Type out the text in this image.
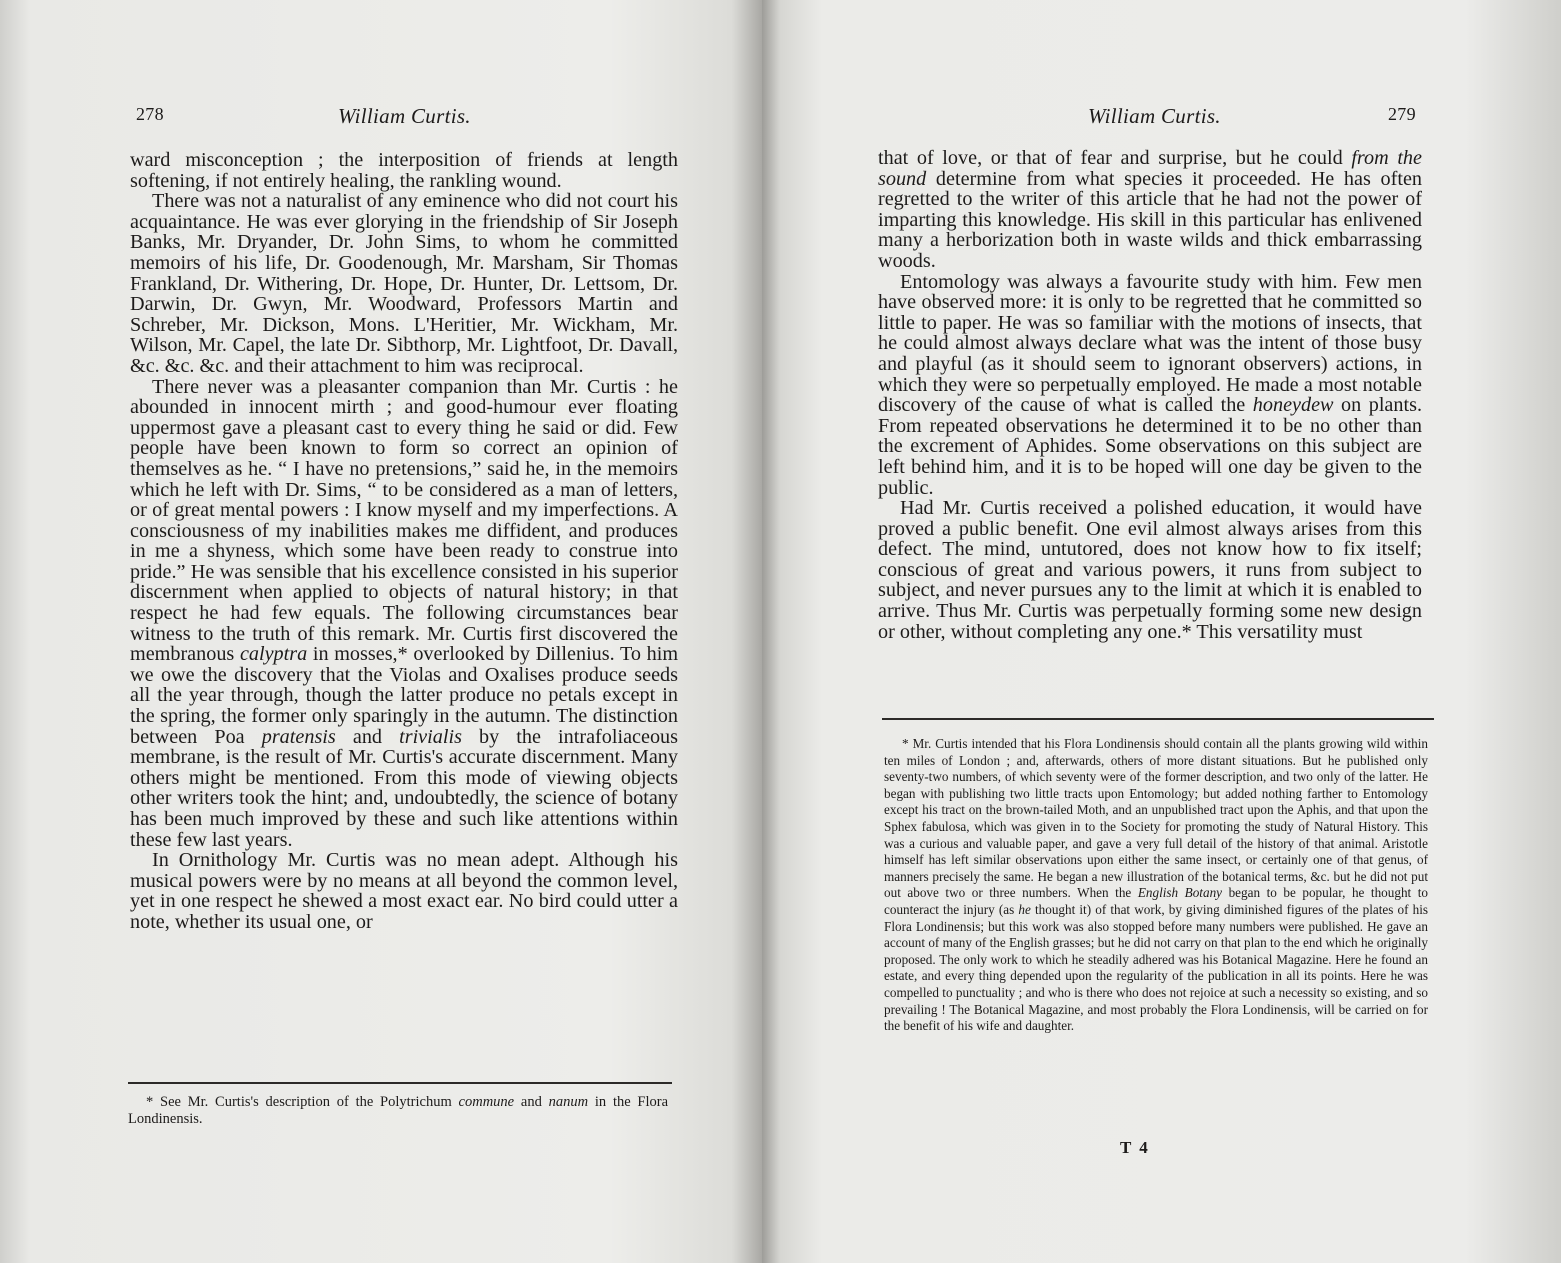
278	William Curtis.

ward misconception ; the interposition of friends at length softening, if not entirely healing, the rankling wound.

There was not a naturalist of any eminence who did not court his acquaintance. He was ever glorying in the friendship of Sir Joseph Banks, Mr. Dryander, Dr. John Sims, to whom he committed memoirs of his life, Dr. Goodenough, Mr. Marsham, Sir Thomas Frankland, Dr. Withering, Dr. Hope, Dr. Hunter, Dr. Lettsom, Dr. Darwin, Dr. Gwyn, Mr. Woodward, Professors Martin and Schreber, Mr. Dickson, Mons. L'Heritier, Mr. Wickham, Mr. Wilson, Mr. Capel, the late Dr. Sibthorp, Mr. Lightfoot, Dr. Davall, &c. &c. &c. and their attachment to him was reciprocal.

There never was a pleasanter companion than Mr. Curtis : he abounded in innocent mirth ; and good-humour ever floating uppermost gave a pleasant cast to every thing he said or did. Few people have been known to form so correct an opinion of themselves as he. “ I have no pretensions,” said he, in the memoirs which he left with Dr. Sims, “ to be considered as a man of letters, or of great mental powers : I know myself and my imperfections. A consciousness of my inabilities makes me diffident, and produces in me a shyness, which some have been ready to construe into pride.” He was sensible that his excellence consisted in his superior discernment when applied to objects of natural history; in that respect he had few equals. The following circumstances bear witness to the truth of this remark. Mr. Curtis first discovered the membranous calyptra in mosses,* overlooked by Dillenius. To him we owe the discovery that the Violas and Oxalises produce seeds all the year through, though the latter produce no petals except in the spring, the former only sparingly in the autumn. The distinction between Poa pratensis and trivialis by the intrafoliaceous membrane, is the result of Mr. Curtis's accurate discernment. Many others might be mentioned. From this mode of viewing objects other writers took the hint; and, undoubtedly, the science of botany has been much improved by these and such like attentions within these few last years.

In Ornithology Mr. Curtis was no mean adept. Although his musical powers were by no means at all beyond the common level, yet in one respect he shewed a most exact ear. No bird could utter a note, whether its usual one, or

* See Mr. Curtis's description of the Polytrichum commune and nanum in the Flora Londinensis.

William Curtis.	279

that of love, or that of fear and surprise, but he could from the sound determine from what species it proceeded. He has often regretted to the writer of this article that he had not the power of imparting this knowledge. His skill in this particular has enlivened many a herborization both in waste wilds and thick embarrassing woods.

Entomology was always a favourite study with him. Few men have observed more: it is only to be regretted that he committed so little to paper. He was so familiar with the motions of insects, that he could almost always declare what was the intent of those busy and playful (as it should seem to ignorant observers) actions, in which they were so perpetually employed. He made a most notable discovery of the cause of what is called the honeydew on plants. From repeated observations he determined it to be no other than the excrement of Aphides. Some observations on this subject are left behind him, and it is to be hoped will one day be given to the public.

Had Mr. Curtis received a polished education, it would have proved a public benefit. One evil almost always arises from this defect. The mind, untutored, does not know how to fix itself; conscious of great and various powers, it runs from subject to subject, and never pursues any to the limit at which it is enabled to arrive. Thus Mr. Curtis was perpetually forming some new design or other, without completing any one.* This versatility must

* Mr. Curtis intended that his Flora Londinensis should contain all the plants growing wild within ten miles of London ; and, afterwards, others of more distant situations. But he published only seventy-two numbers, of which seventy were of the former description, and two only of the latter. He began with publishing two little tracts upon Entomology; but added nothing farther to Entomology except his tract on the brown-tailed Moth, and an unpublished tract upon the Aphis, and that upon the Sphex fabulosa, which was given in to the Society for promoting the study of Natural History. This was a curious and valuable paper, and gave a very full detail of the history of that animal. Aristotle himself has left similar observations upon either the same insect, or certainly one of that genus, of manners precisely the same. He began a new illustration of the botanical terms, &c. but he did not put out above two or three numbers. When the English Botany began to be popular, he thought to counteract the injury (as he thought it) of that work, by giving diminished figures of the plates of his Flora Londinensis; but this work was also stopped before many numbers were published. He gave an account of many of the English grasses; but he did not carry on that plan to the end which he originally proposed. The only work to which he steadily adhered was his Botanical Magazine. Here he found an estate, and every thing depended upon the regularity of the publication in all its points. Here he was compelled to punctuality ; and who is there who does not rejoice at such a necessity so existing, and so prevailing ! The Botanical Magazine, and most probably the Flora Londinensis, will be carried on for the benefit of his wife and daughter.

T 4
